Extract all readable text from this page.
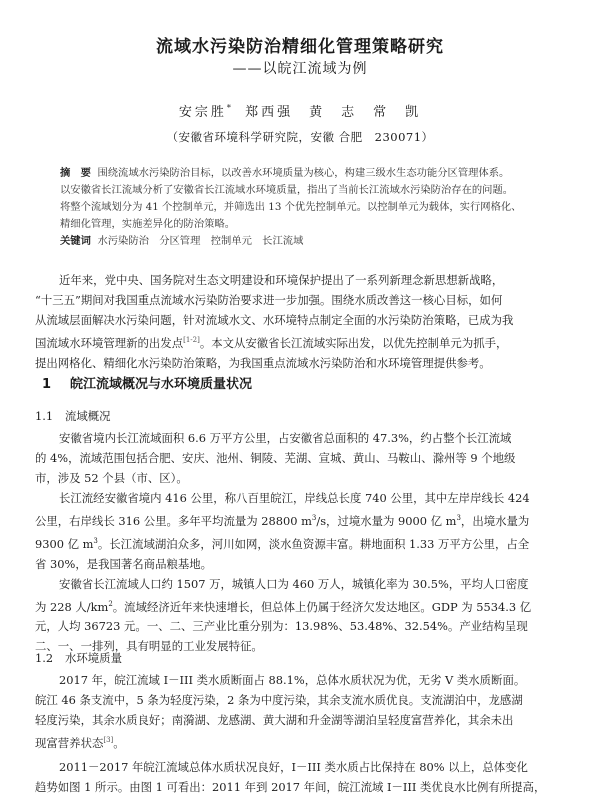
流域水污染防治精细化管理策略研究
——以皖江流域为例
安宗胜* 郑西强　黄　志　常　凯
（安徽省环境科学研究院，安徽 合肥　230071）
摘　要 围绕流域水污染防治目标，以改善水环境质量为核心，构建三级水生态功能分区管理体系。
以安徽省长江流域分析了安徽省长江流域水环境质量，指出了当前长江流域水污染防治存在的问题。
将整个流域划分为 41 个控制单元，并筛选出 13 个优先控制单元。以控制单元为载体，实行网格化、
精细化管理，实施差异化的防治策略。
关键词 水污染防治　分区管理　控制单元　长江流域
近年来，党中央、国务院对生态文明建设和环境保护提出了一系列新理念新思想新战略，
“十三五”期间对我国重点流域水污染防治要求进一步加强。围绕水质改善这一核心目标，如何
从流域层面解决水污染问题，针对流域水文、水环境特点制定全面的水污染防治策略，已成为我
国流域水环境管理新的出发点[1-2]。本文从安徽省长江流域实际出发，以优先控制单元为抓手，
提出网格化、精细化水污染防治策略，为我国重点流域水污染防治和水环境管理提供参考。
1 皖江流域概况与水环境质量状况
1.1 流域概况
安徽省境内长江流域面积 6.6 万平方公里，占安徽省总面积的 47.3%，约占整个长江流域
的 4%，流域范围包括合肥、安庆、池州、铜陵、芜湖、宣城、黄山、马鞍山、滁州等 9 个地级
市，涉及 52 个县（市、区）。
长江流经安徽省境内 416 公里，称八百里皖江，岸线总长度 740 公里，其中左岸岸线长 424
公里，右岸线长 316 公里。多年平均流量为 28800 $m^3/s$，过境水量为 9000 亿 $m^3$，出境水量为
9300 亿 $m^3$。长江流域湖泊众多，河川如网，淡水鱼资源丰富。耕地面积 1.33 万平方公里，占全
省 30%，是我国著名商品粮基地。
安徽省长江流域人口约 1507 万，城镇人口为 460 万人，城镇化率为 30.5%，平均人口密度
为 228 人$/km^2$。流域经济近年来快速增长，但总体上仍属于经济欠发达地区。GDP 为 5534.3 亿
元，人均 36723 元。一、二、三产业比重分别为：13.98%、53.48%、32.54%。产业结构呈现
二、一、一排列，具有明显的工业发展特征。
1.2 水环境质量
2017 年，皖江流域 I－III 类水质断面占 88.1%，总体水质状况为优，无劣 V 类水质断面。
皖江 46 条支流中，5 条为轻度污染，2 条为中度污染，其余支流水质优良。支流湖泊中，龙感湖
轻度污染，其余水质良好；南漪湖、龙感湖、黄大湖和升金湖等湖泊呈轻度富营养化，其余未出
现富营养状态[3]。
2011－2017 年皖江流域总体水质状况良好，I－III 类水质占比保持在 80% 以上，总体变化
趋势如图 1 所示。由图 1 可看出：2011 年到 2017 年间，皖江流域 I－III 类优良水比例有所提高，
